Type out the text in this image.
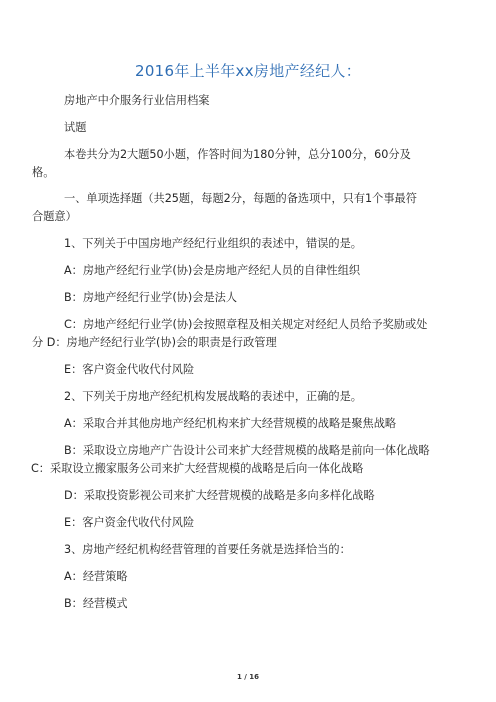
2016年上半年xx房地产经纪人：
房地产中介服务行业信用档案
试题
本卷共分为2大题50小题，作答时间为180分钟，总分100分，60分及
格。
一、单项选择题（共25题，每题2分，每题的备选项中，只有1个事最符
合题意）
1、下列关于中国房地产经纪行业组织的表述中，错误的是。
A：房地产经纪行业学(协)会是房地产经纪人员的自律性组织
B：房地产经纪行业学(协)会是法人
C：房地产经纪行业学(协)会按照章程及相关规定对经纪人员给予奖励或处
分 D：房地产经纪行业学(协)会的职责是行政管理
E：客户资金代收代付风险
2、下列关于房地产经纪机构发展战略的表述中，正确的是。
A：采取合并其他房地产经纪机构来扩大经营规模的战略是聚焦战略
B：采取设立房地产广告设计公司来扩大经营规模的战略是前向一体化战略
C：采取设立搬家服务公司来扩大经营规模的战略是后向一体化战略
D：采取投资影视公司来扩大经营规模的战略是多向多样化战略
E：客户资金代收代付风险
3、房地产经纪机构经营管理的首要任务就是选择恰当的：
A：经营策略
B：经营模式
1 / 16
